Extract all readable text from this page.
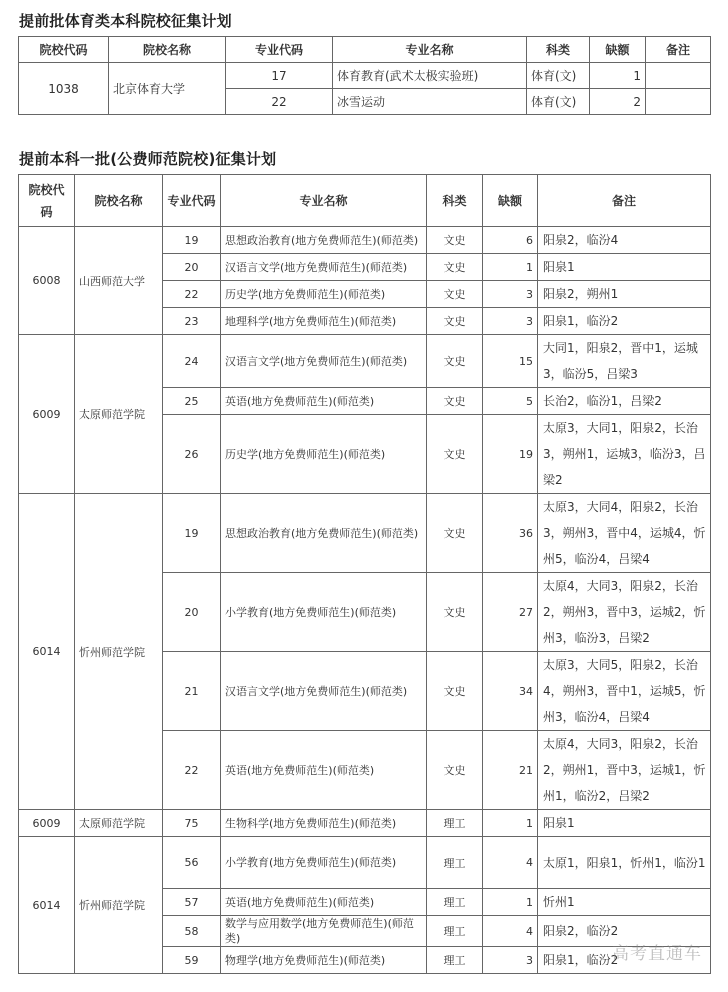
提前批体育类本科院校征集计划
院校代码	院校名称	专业代码	专业名称	科类	缺额	备注
1038	北京体育大学	17	体育教育(武术太极实验班)	体育(文)	1	
		22	冰雪运动	体育(文)	2	
提前本科一批(公费师范院校)征集计划
院校代码	院校名称	专业代码	专业名称	科类	缺额	备注
6008	山西师范大学	19	思想政治教育(地方免费师范生)(师范类)	文史	6	阳泉2，临汾4
		20	汉语言文学(地方免费师范生)(师范类)	文史	1	阳泉1
		22	历史学(地方免费师范生)(师范类)	文史	3	阳泉2，朔州1
		23	地理科学(地方免费师范生)(师范类)	文史	3	阳泉1，临汾2
6009	太原师范学院	24	汉语言文学(地方免费师范生)(师范类)	文史	15	大同1，阳泉2，晋中1，运城3，临汾5，吕梁3
		25	英语(地方免费师范生)(师范类)	文史	5	长治2，临汾1，吕梁2
		26	历史学(地方免费师范生)(师范类)	文史	19	太原3，大同1，阳泉2，长治3，朔州1，运城3，临汾3，吕梁2
6014	忻州师范学院	19	思想政治教育(地方免费师范生)(师范类)	文史	36	太原3，大同4，阳泉2，长治3，朔州3，晋中4，运城4，忻州5，临汾4，吕梁4
		20	小学教育(地方免费师范生)(师范类)	文史	27	太原4，大同3，阳泉2，长治2，朔州3，晋中3，运城2，忻州3，临汾3，吕梁2
		21	汉语言文学(地方免费师范生)(师范类)	文史	34	太原3，大同5，阳泉2，长治4，朔州3，晋中1，运城5，忻州3，临汾4，吕梁4
		22	英语(地方免费师范生)(师范类)	文史	21	太原4，大同3，阳泉2，长治2，朔州1，晋中3，运城1，忻州1，临汾2，吕梁2
6009	太原师范学院	75	生物科学(地方免费师范生)(师范类)	理工	1	阳泉1
6014	忻州师范学院	56	小学教育(地方免费师范生)(师范类)	理工	4	太原1，阳泉1，忻州1，临汾1
		57	英语(地方免费师范生)(师范类)	理工	1	忻州1
		58	数学与应用数学(地方免费师范生)(师范类)	理工	4	阳泉2，临汾2
		59	物理学(地方免费师范生)(师范类)	理工	3	阳泉1，临汾2
高考直通车
